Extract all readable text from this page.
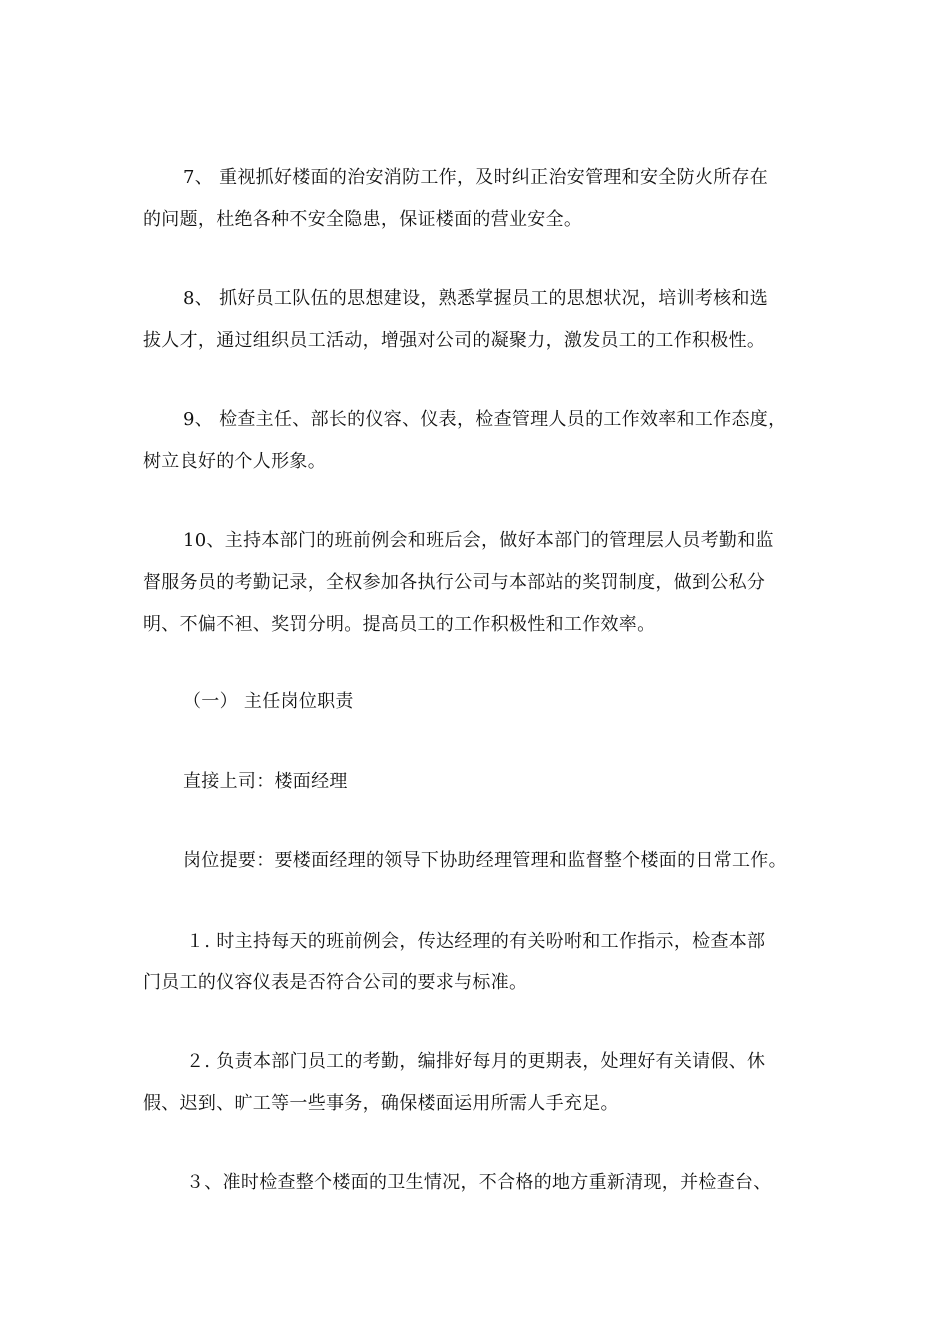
7、 重视抓好楼面的治安消防工作，及时纠正治安管理和安全防火所存在
的问题，杜绝各种不安全隐患，保证楼面的营业安全。
8、 抓好员工队伍的思想建设，熟悉掌握员工的思想状况，培训考核和选
拔人才，通过组织员工活动，增强对公司的凝聚力，激发员工的工作积极性。
9、 检查主任、部长的仪容、仪表，检查管理人员的工作效率和工作态度，
树立良好的个人形象。
10、主持本部门的班前例会和班后会，做好本部门的管理层人员考勤和监
督服务员的考勤记录，全权参加各执行公司与本部站的奖罚制度，做到公私分
明、不偏不袒、奖罚分明。提高员工的工作积极性和工作效率。
（一） 主任岗位职责
直接上司：楼面经理
岗位提要：要楼面经理的领导下协助经理管理和监督整个楼面的日常工作。
１. 时主持每天的班前例会，传达经理的有关吩咐和工作指示，检查本部
门员工的仪容仪表是否符合公司的要求与标准。
２. 负责本部门员工的考勤，编排好每月的更期表，处理好有关请假、休
假、迟到、旷工等一些事务，确保楼面运用所需人手充足。
３、准时检查整个楼面的卫生情况，不合格的地方重新清现，并检查台、
